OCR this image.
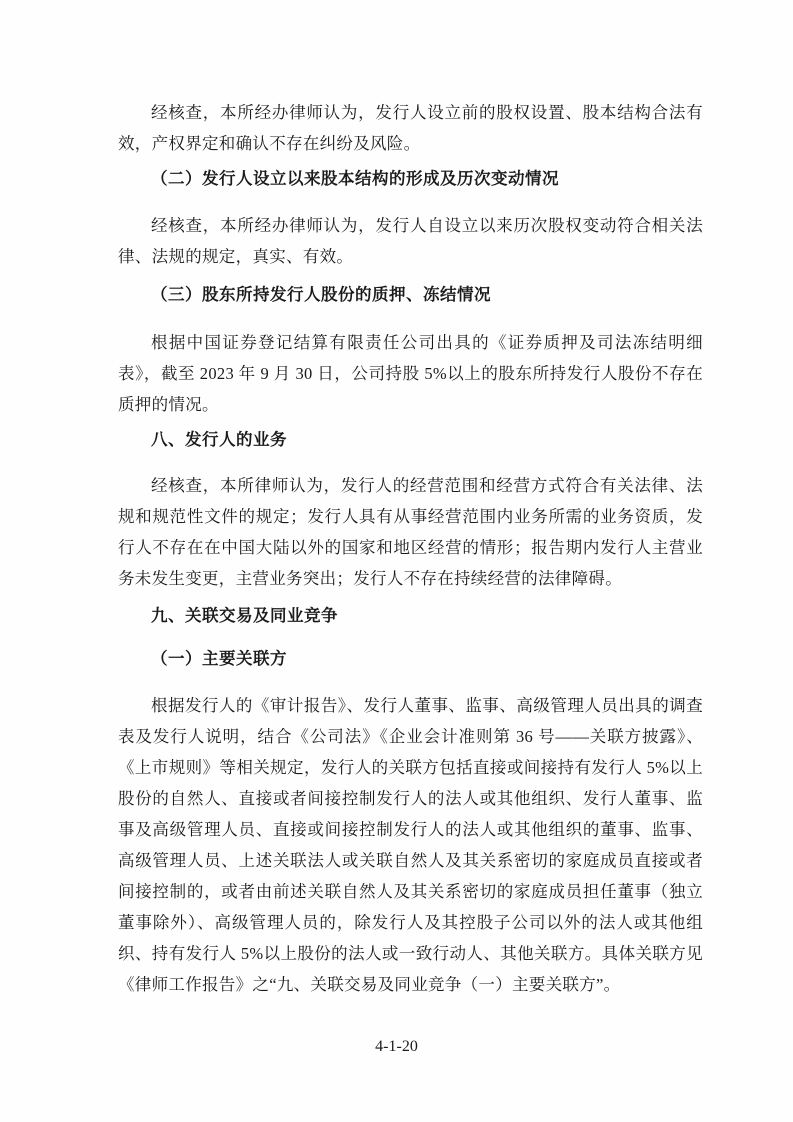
经核查，本所经办律师认为，发行人设立前的股权设置、股本结构合法有效，产权界定和确认不存在纠纷及风险。

（二）发行人设立以来股本结构的形成及历次变动情况

经核查，本所经办律师认为，发行人自设立以来历次股权变动符合相关法律、法规的规定，真实、有效。

（三）股东所持发行人股份的质押、冻结情况

根据中国证券登记结算有限责任公司出具的《证券质押及司法冻结明细表》，截至 2023 年 9 月 30 日，公司持股 5%以上的股东所持发行人股份不存在质押的情况。

八、发行人的业务

经核查，本所律师认为，发行人的经营范围和经营方式符合有关法律、法规和规范性文件的规定；发行人具有从事经营范围内业务所需的业务资质，发行人不存在在中国大陆以外的国家和地区经营的情形；报告期内发行人主营业务未发生变更，主营业务突出；发行人不存在持续经营的法律障碍。

九、关联交易及同业竞争
（一）主要关联方

根据发行人的《审计报告》、发行人董事、监事、高级管理人员出具的调查表及发行人说明，结合《公司法》《企业会计准则第 36 号——关联方披露》、《上市规则》等相关规定，发行人的关联方包括直接或间接持有发行人 5%以上股份的自然人、直接或者间接控制发行人的法人或其他组织、发行人董事、监事及高级管理人员、直接或间接控制发行人的法人或其他组织的董事、监事、高级管理人员、上述关联法人或关联自然人及其关系密切的家庭成员直接或者间接控制的，或者由前述关联自然人及其关系密切的家庭成员担任董事（独立董事除外）、高级管理人员的，除发行人及其控股子公司以外的法人或其他组织、持有发行人 5%以上股份的法人或一致行动人、其他关联方。具体关联方见《律师工作报告》之“九、关联交易及同业竞争（一）主要关联方”。

4-1-20
